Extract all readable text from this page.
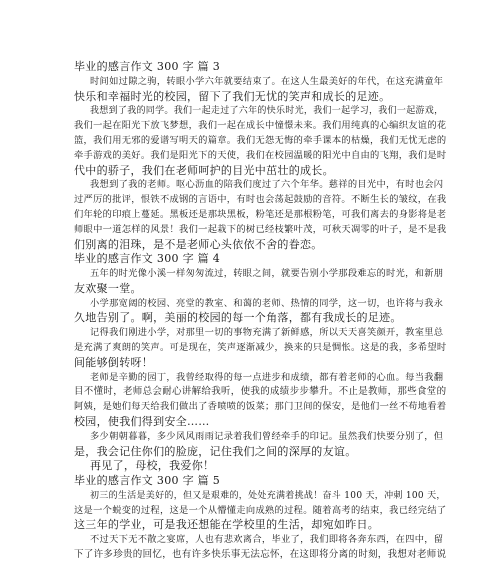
毕业的感言作文 300 字 篇 3
时间如过隙之驹，转眼小学六年就要结束了。在这人生最美好的年代，在这充满童年
快乐和幸福时光的校园，留下了我们无忧的笑声和成长的足迹。
我想到了我的同学。我们一起走过了六年的快乐时光，我们一起学习，我们一起游戏，
我们一起在阳光下放飞梦想，我们一起在成长中憧憬未来。我们用纯真的心编织友谊的花
篮，我们用无邪的爱谱写明天的篇章。我们无怨无悔的牵手课本的枯燥，我们无忧无虑的
牵手游戏的美好。我们是阳光下的天使，我们在校园温暖的阳光中自由的飞翔，我们是时
代中的骄子，我们在老师呵护的目光中茁壮的成长。
我想到了我的老师。呕心沥血的陪我们度过了六个年华。慈祥的目光中，有时也会闪
过严厉的批评，恨铁不成钢的言语中，有时也会荡起鼓励的音符。不断生长的皱纹，在我
们年轮的印痕上蔓延。黑板还是那块黑板，粉笔还是那根粉笔，可我们离去的身影将是老
师眼中一道怎样的风景！我们一起栽下的树已经枝繁叶茂，可秋天凋零的叶子，是不是我
们别离的泪珠，是不是老师心头依依不舍的眷恋。
毕业的感言作文 300 字 篇 4
五年的时光像小溪一样匆匆流过，转眼之间，就要告别小学那段难忘的时光，和新朋
友欢聚一堂。
小学那宽阔的校园、亮堂的教室、和蔼的老师、热情的同学，这一切，也许将与我永
久地告别了。啊，美丽的校园的每一个角落，都有我成长的足迹。
记得我们刚进小学，对那里一切的事物充满了新鲜感，所以天天喜笑颜开，教室里总
是充满了爽朗的笑声。可是现在，笑声逐渐减少，换来的只是惆怅。这是的我，多希望时
间能够倒转呀！
老师是辛勤的园丁，我曾经取得的每一点进步和成绩，都有着老师的心血。每当我翻
目不懂时，老师总会耐心讲解给我听，使我的成绩步步攀升。不止是教师，那些食堂的
阿姨，是她们每天给我们做出了香喷喷的饭菜；那门卫间的保安，是他们一丝不苟地看着
校园，使我们得到安全……
多少朝朝暮暮，多少风风雨雨记录着我们曾经牵手的印记。虽然我们快要分别了，但
是，我会记住你们的脸庞，记住我们之间的深厚的友谊。
再见了，母校，我爱你！
毕业的感言作文 300 字 篇 5
初三的生活是美好的，但又是艰难的，处处充满着挑战！奋斗 100 天，冲刺 100 天，
这是一个蜕变的过程，这是一个从懵懂走向成熟的过程。随着高考的结束，我已经完结了
这三年的学业，可是我还想能在学校里的生活，却宛如昨日。
不过天下无不散之宴席，人也有悲欢离合，毕业了，我们即将各奔东西，在四中，留
下了许多珍贵的回忆，也有许多快乐事无法忘怀，在这即将分离的时刻，我想对老师说
